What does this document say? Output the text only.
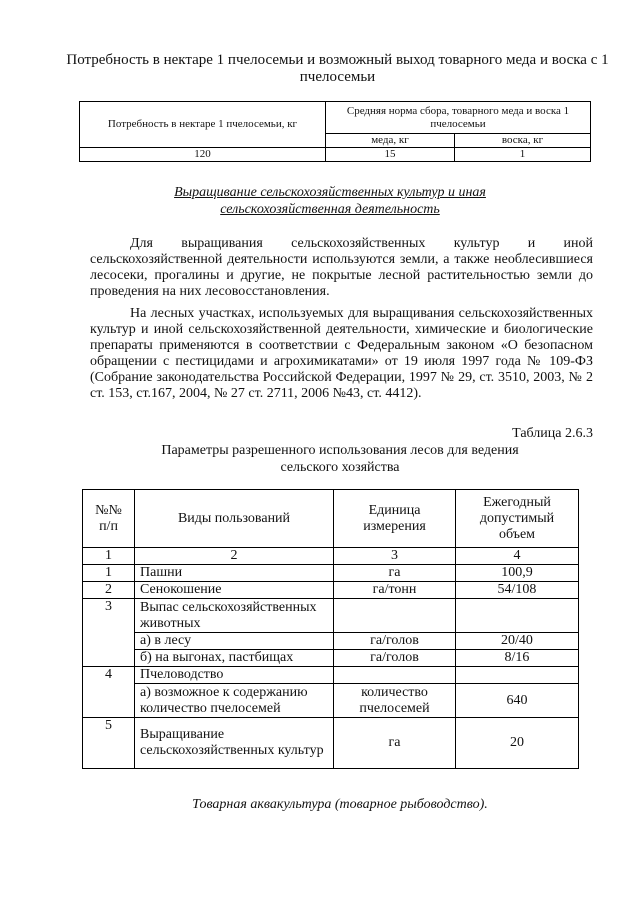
Потребность в нектаре 1 пчелосемьи и возможный выход товарного меда и воска с 1 пчелосемьи
Потребность в нектаре 1 пчелосемьи, кг	Средняя норма сбора, товарного меда и воска 1 пчелосемьи	
	меда, кг	воска, кг
120	15	1
Выращивание сельскохозяйственных культур и иная сельскохозяйственная деятельность

Для выращивания сельскохозяйственных культур и иной сельскохозяйственной деятельности используются земли, а также необлесившиеся лесосеки, прогалины и другие, не покрытые лесной растительностью земли до проведения на них лесовосстановления.

На лесных участках, используемых для выращивания сельскохозяйственных культур и иной сельскохозяйственной деятельности, химические и биологические препараты применяются в соответствии с Федеральным законом «О безопасном обращении с пестицидами и агрохимикатами» от 19 июля 1997 года № 109-ФЗ (Собрание законодательства Российской Федерации, 1997 № 29, ст. 3510, 2003, № 2 ст. 153, ст.167, 2004, № 27 ст. 2711, 2006 №43, ст. 4412).

Таблица 2.6.3
Параметры разрешенного использования лесов для ведения сельского хозяйства
№№ п/п	Виды пользований	Единица измерения	Ежегодный допустимый объем
1	2	3	4
1	Пашни	га	100,9
2	Сенокошение	га/тонн	54/108
3	Выпас сельскохозяйственных животных		
	а) в лесу	га/голов	20/40
	б) на выгонах, пастбищах	га/голов	8/16
4	Пчеловодство		
	а) возможное к содержанию количество пчелосемей	количество пчелосемей	640
5	Выращивание сельскохозяйственных культур	га	20
Товарная аквакультура (товарное рыбоводство).
